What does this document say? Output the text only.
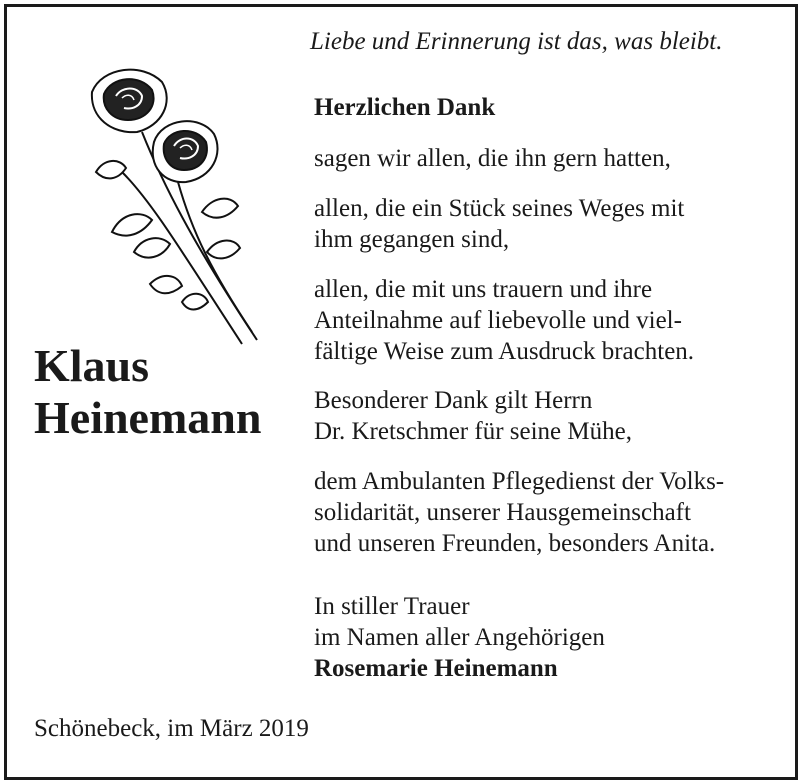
Liebe und Erinnerung ist das, was bleibt.
Herzlichen Dank
sagen wir allen, die ihn gern hatten,
allen, die ein Stück seines Weges mit
ihm gegangen sind,
allen, die mit uns trauern und ihre
Anteilnahme auf liebevolle und viel-
fältige Weise zum Ausdruck brachten.
Besonderer Dank gilt Herrn
Dr. Kretschmer für seine Mühe,
dem Ambulanten Pflegedienst der Volks-
solidarität, unserer Hausgemeinschaft
und unseren Freunden, besonders Anita.
In stiller Trauer
im Namen aller Angehörigen
Rosemarie Heinemann
Klaus
Heinemann
Schönebeck, im März 2019
